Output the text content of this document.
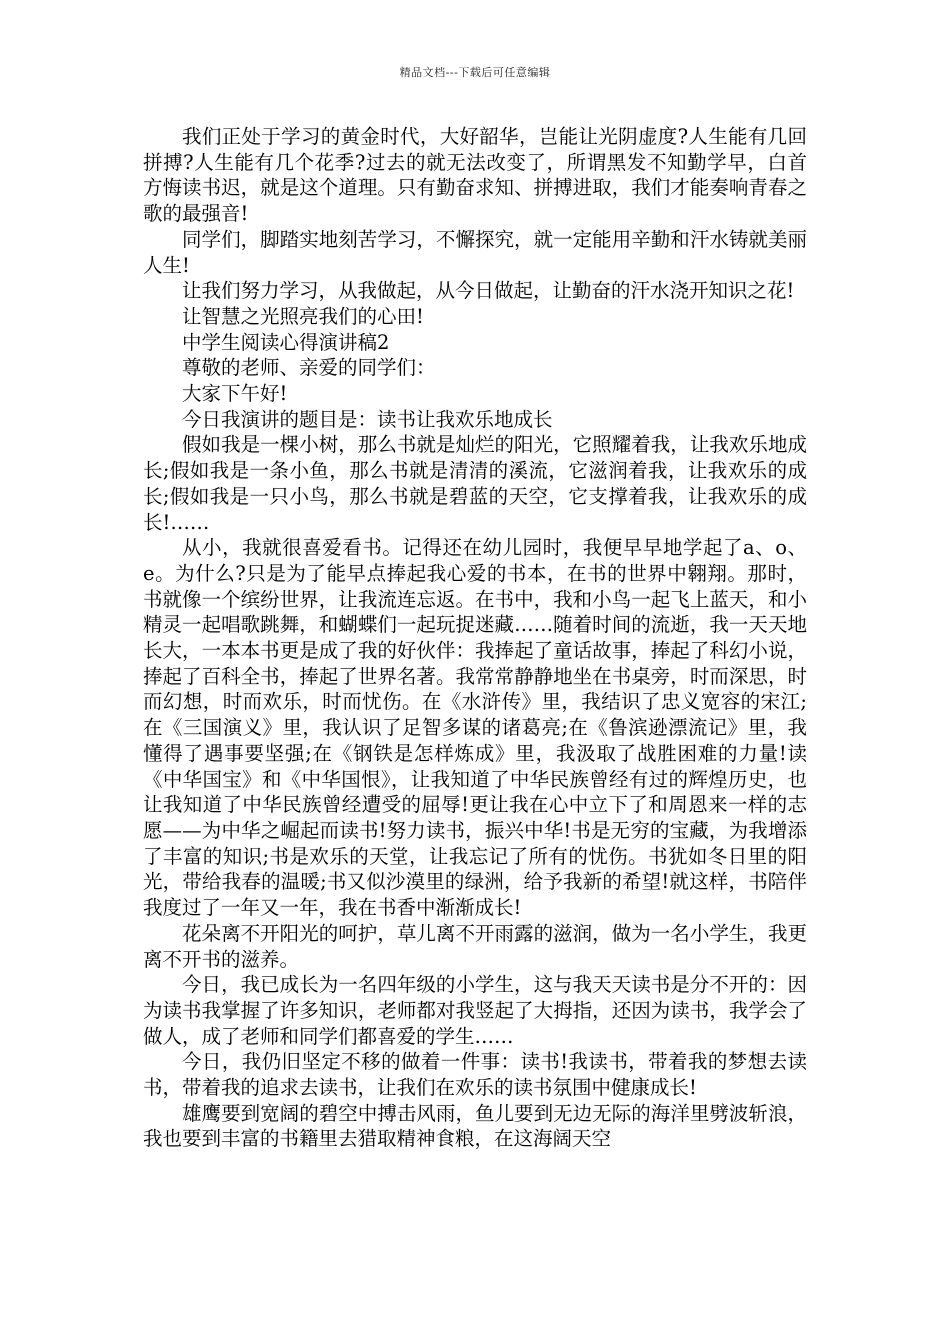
精品文档---下载后可任意编辑

我们正处于学习的黄金时代，大好韶华，岂能让光阴虚度?人生能有几回拼搏?人生能有几个花季?过去的就无法改变了，所谓黑发不知勤学早，白首方悔读书迟，就是这个道理。只有勤奋求知、拼搏进取，我们才能奏响青春之歌的最强音!

同学们，脚踏实地刻苦学习，不懈探究，就一定能用辛勤和汗水铸就美丽人生!

让我们努力学习，从我做起，从今日做起，让勤奋的汗水浇开知识之花!

让智慧之光照亮我们的心田!

中学生阅读心得演讲稿2

尊敬的老师、亲爱的同学们：

大家下午好!

今日我演讲的题目是：读书让我欢乐地成长

假如我是一棵小树，那么书就是灿烂的阳光，它照耀着我，让我欢乐地成长;假如我是一条小鱼，那么书就是清清的溪流，它滋润着我，让我欢乐的成长;假如我是一只小鸟，那么书就是碧蓝的天空，它支撑着我，让我欢乐的成长!……

从小，我就很喜爱看书。记得还在幼儿园时，我便早早地学起了a、o、e。为什么?只是为了能早点捧起我心爱的书本，在书的世界中翱翔。那时，书就像一个缤纷世界，让我流连忘返。在书中，我和小鸟一起飞上蓝天，和小精灵一起唱歌跳舞，和蝴蝶们一起玩捉迷藏……随着时间的流逝，我一天天地长大，一本本书更是成了我的好伙伴：我捧起了童话故事，捧起了科幻小说，捧起了百科全书，捧起了世界名著。我常常静静地坐在书桌旁，时而深思，时而幻想，时而欢乐，时而忧伤。在《水浒传》里，我结识了忠义宽容的宋江;在《三国演义》里，我认识了足智多谋的诸葛亮;在《鲁滨逊漂流记》里，我懂得了遇事要坚强;在《钢铁是怎样炼成》里，我汲取了战胜困难的力量!读《中华国宝》和《中华国恨》，让我知道了中华民族曾经有过的辉煌历史，也让我知道了中华民族曾经遭受的屈辱!更让我在心中立下了和周恩来一样的志愿——为中华之崛起而读书!努力读书，振兴中华!书是无穷的宝藏，为我增添了丰富的知识;书是欢乐的天堂，让我忘记了所有的忧伤。书犹如冬日里的阳光，带给我春的温暖;书又似沙漠里的绿洲，给予我新的希望!就这样，书陪伴我度过了一年又一年，我在书香中渐渐成长!

花朵离不开阳光的呵护，草儿离不开雨露的滋润，做为一名小学生，我更离不开书的滋养。

今日，我已成长为一名四年级的小学生，这与我天天读书是分不开的：因为读书我掌握了许多知识，老师都对我竖起了大拇指，还因为读书，我学会了做人，成了老师和同学们都喜爱的学生……

今日，我仍旧坚定不移的做着一件事：读书!我读书，带着我的梦想去读书，带着我的追求去读书，让我们在欢乐的读书氛围中健康成长!

雄鹰要到宽阔的碧空中搏击风雨，鱼儿要到无边无际的海洋里劈波斩浪，我也要到丰富的书籍里去猎取精神食粮，在这海阔天空
